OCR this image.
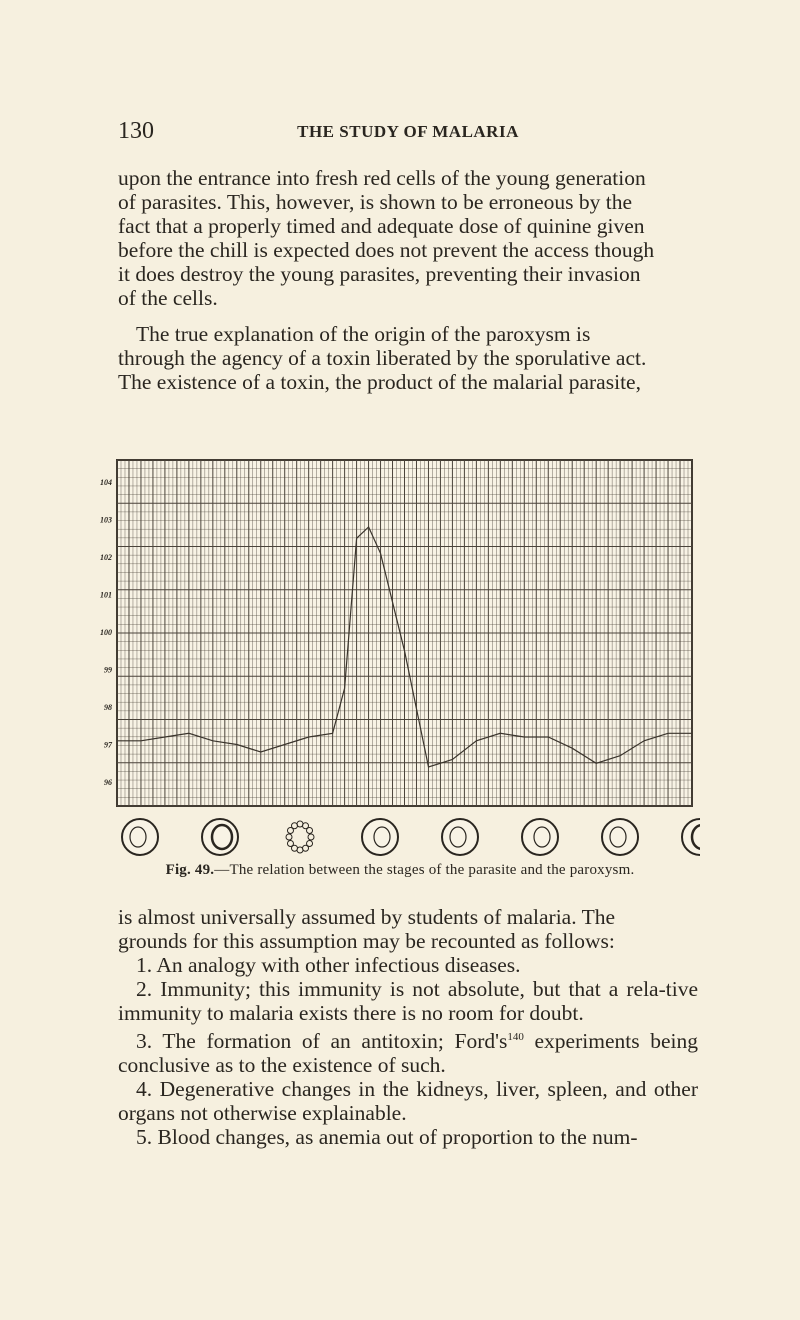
130	THE STUDY OF MALARIA

upon the entrance into fresh red cells of the young generation
of parasites. This, however, is shown to be erroneous by the
fact that a properly timed and adequate dose of quinine given
before the chill is expected does not prevent the access though
it does destroy the young parasites, preventing their invasion
of the cells.

The true explanation of the origin of the paroxysm is
through the agency of a toxin liberated by the sporulative act.
The existence of a toxin, the product of the malarial parasite,

104
103
102
101
100
99
98
97
96
Fig. 49.—The relation between the stages of the parasite and the paroxysm.

is almost universally assumed by students of malaria. The
grounds for this assumption may be recounted as follows:
1. An analogy with other infectious diseases.
2. Immunity; this immunity is not absolute, but that a rela-tive immunity to malaria exists there is no room for doubt.
3. The formation of an antitoxin; $Ford's^{140}$ experiments being conclusive as to the existence of such.
4. Degenerative changes in the kidneys, liver, spleen, and other organs not otherwise explainable.
5. Blood changes, as anemia out of proportion to the num-
